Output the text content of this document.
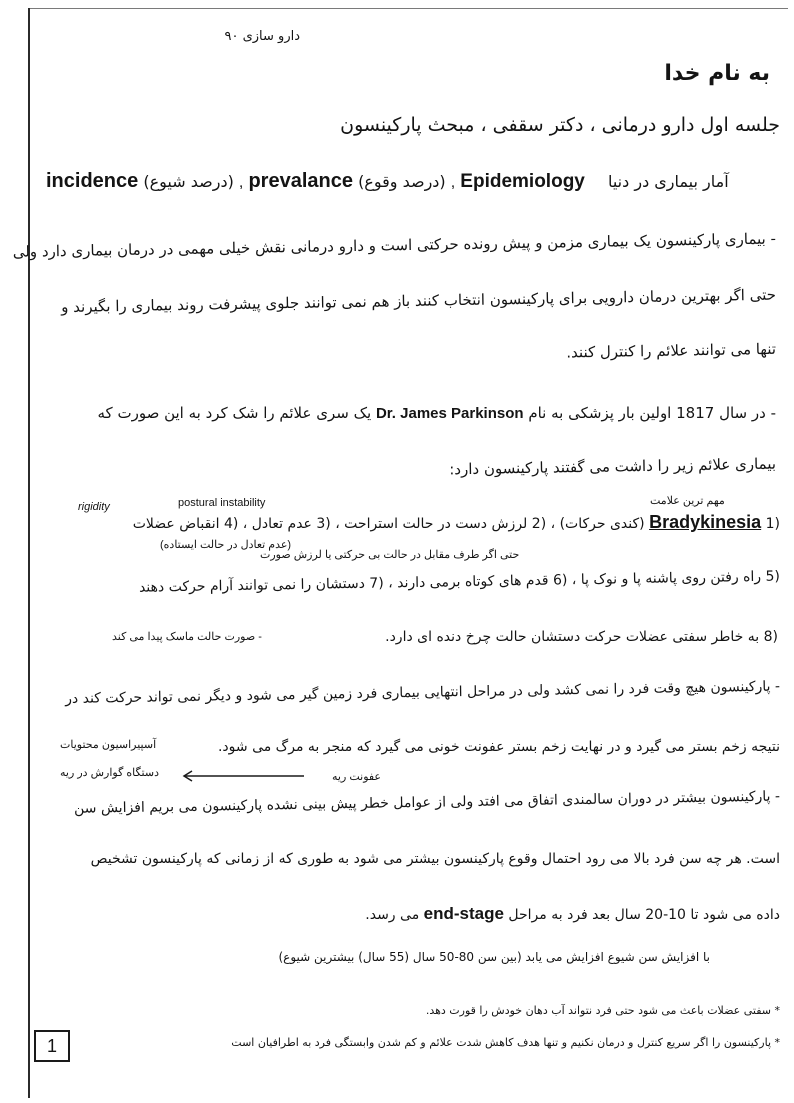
دارو سازی ۹۰
به نام خدا
جلسه اول دارو درمانی ، دکتر سقفی ، مبحث پارکینسون
incidence (درصد شیوع) , prevalance (درصد وقوع) , Epidemiology آمار بیماری در دنیا
- بیماری پارکینسون یک بیماری مزمن و پیش رونده حرکتی است و دارو درمانی نقش خیلی مهمی در درمان بیماری دارد ولی
حتی اگر بهترین درمان دارویی برای پارکینسون انتخاب کنند باز هم نمی توانند جلوی پیشرفت روند بیماری را بگیرند و
تنها می توانند علائم را کنترل کنند.
- در سال 1817 اولین بار پزشکی به نام Dr. James Parkinson یک سری علائم را شک کرد به این صورت که
بیماری علائم زیر را داشت می گفتند پارکینسون دارد:
rigidity	postural instability	مهم ترین علامت
(1 Bradykinesia (کندی حرکات) ، (2 لرزش دست در حالت استراحت ، (3 عدم تعادل ، (4 انقباض عضلات
(عدم تعادل در حالت ایستاده)
حتی اگر طرف مقابل در حالت بی حرکتی یا لرزش صورت
(5 راه رفتن روی پاشنه پا و نوک پا ، (6 قدم های کوتاه برمی دارند ، (7 دستشان را نمی توانند آرام حرکت دهند
(8 به خاطر سفتی عضلات حرکت دستشان حالت چرخ دنده ای دارد.
- صورت حالت ماسک پیدا می کند
- پارکینسون هیچ وقت فرد را نمی کشد ولی در مراحل انتهایی بیماری فرد زمین گیر می شود و دیگر نمی تواند حرکت کند در
نتیجه زخم بستر می گیرد و در نهایت زخم بستر عفونت خونی می گیرد که منجر به مرگ می شود.
آسپیراسیون محتویات
دستگاه گوارش در ریه	عفونت ریه
- پارکینسون بیشتر در دوران سالمندی اتفاق می افتد ولی از عوامل خطر پیش بینی نشده پارکینسون می بریم افزایش سن
است. هر چه سن فرد بالا می رود احتمال وقوع پارکینسون بیشتر می شود به طوری که از زمانی که پارکینسون تشخیص
داده می شود تا 10-20 سال بعد فرد به مراحل end-stage می رسد.
با افزایش سن شیوع افزایش می یابد (بین سن 80-50 سال (55 سال) بیشترین شیوع)
* سفتی عضلات باعث می شود حتی فرد نتواند آب دهان خودش را قورت دهد.
* پارکینسون را اگر سریع کنترل و درمان نکنیم و تنها هدف کاهش شدت علائم و کم شدن وابستگی فرد به اطرافیان است
1
